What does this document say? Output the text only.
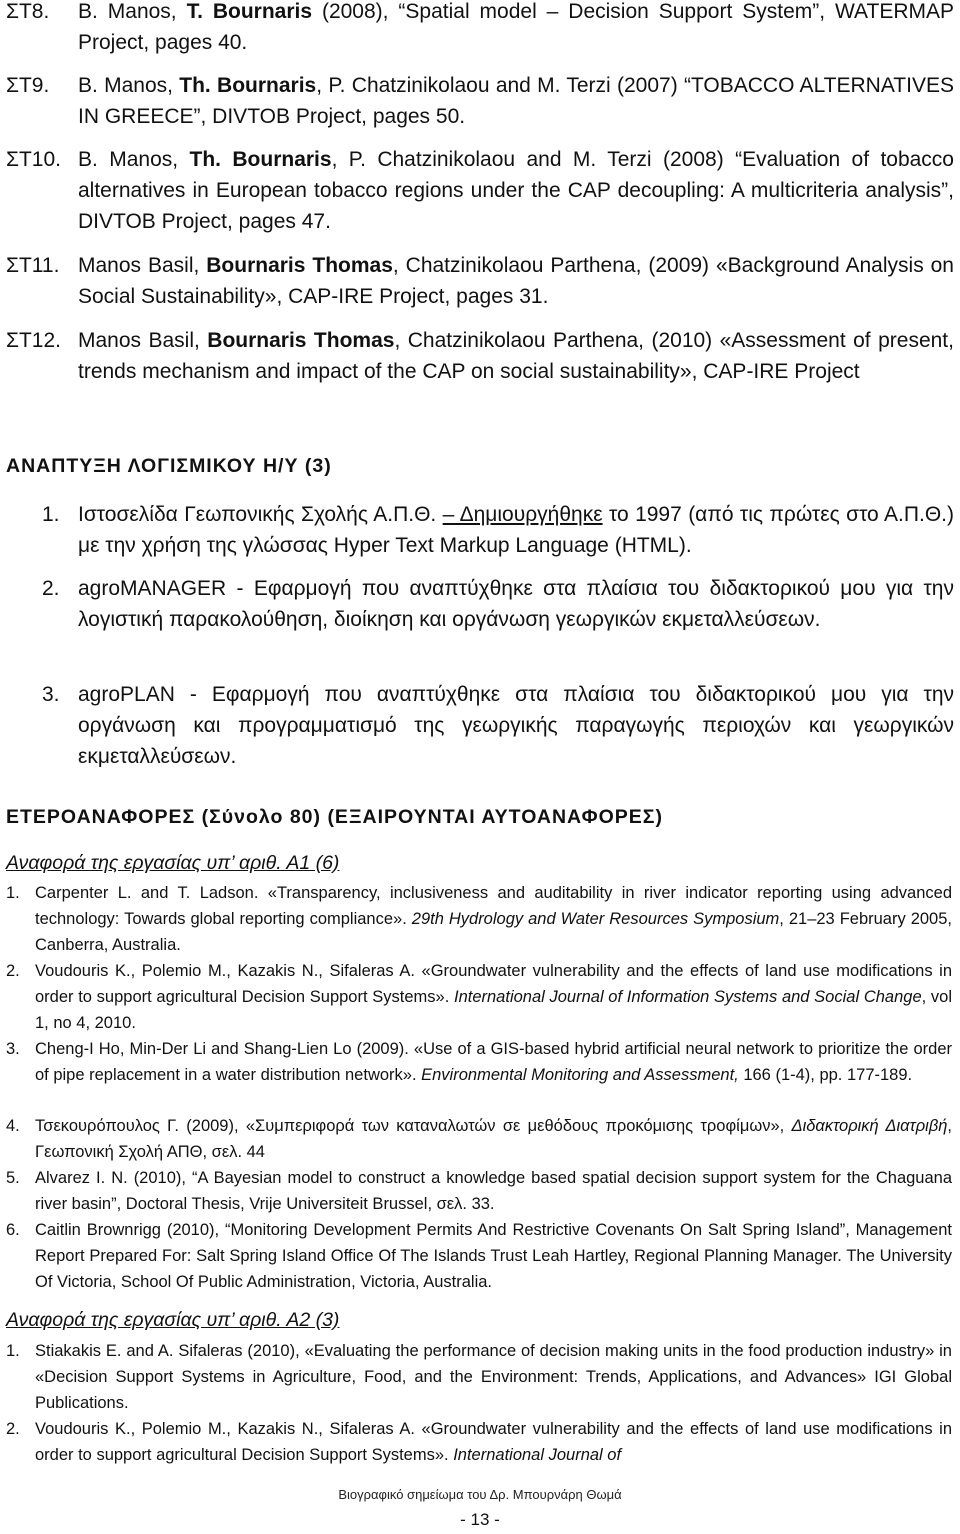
ΣΤ8. B. Manos, T. Bournaris (2008), “Spatial model – Decision Support System”, WATERMAP Project, pages 40.
ΣΤ9. B. Manos, Th. Bournaris, P. Chatzinikolaou and M. Terzi (2007) “TOBACCO ALTERNATIVES IN GREECE”, DIVTOB Project, pages 50.
ΣΤ10. B. Manos, Th. Bournaris, P. Chatzinikolaou and M. Terzi (2008) “Evaluation of tobacco alternatives in European tobacco regions under the CAP decoupling: A multicriteria analysis”, DIVTOB Project, pages 47.
ΣΤ11. Manos Basil, Bournaris Thomas, Chatzinikolaou Parthena, (2009) «Background Analysis on Social Sustainability», CAP-IRE Project, pages 31.
ΣΤ12. Manos Basil, Bournaris Thomas, Chatzinikolaou Parthena, (2010) «Assessment of present, trends mechanism and impact of the CAP on social sustainability», CAP-IRE Project
ΑΝΑΠΤΥΞΗ ΛΟΓΙΣΜΙΚΟΥ Η/Υ (3)
1. Ιστοσελίδα Γεωπονικής Σχολής Α.Π.Θ. – Δημιουργήθηκε το 1997 (από τις πρώτες στο Α.Π.Θ.) με την χρήση της γλώσσας Hyper Text Markup Language (HTML).
2. agroMANAGER - Εφαρμογή που αναπτύχθηκε στα πλαίσια του διδακτορικού μου για την λογιστική παρακολούθηση, διοίκηση και οργάνωση γεωργικών εκμεταλλεύσεων.
3. agroPLAN - Εφαρμογή που αναπτύχθηκε στα πλαίσια του διδακτορικού μου για την οργάνωση και προγραμματισμό της γεωργικής παραγωγής περιοχών και γεωργικών εκμεταλλεύσεων.
ΕΤΕΡΟΑΝΑΦΟΡΕΣ (Σύνολο 80) (ΕΞΑΙΡΟΥΝΤΑΙ ΑΥΤΟΑΝΑΦΟΡΕΣ)
Αναφορά της εργασίας υπ’ αριθ. Α1 (6)
1. Carpenter L. and T. Ladson. «Transparency, inclusiveness and auditability in river indicator reporting using advanced technology: Towards global reporting compliance». 29th Hydrology and Water Resources Symposium, 21–23 February 2005, Canberra, Australia.
2. Voudouris K., Polemio M., Kazakis N., Sifaleras A. «Groundwater vulnerability and the effects of land use modifications in order to support agricultural Decision Support Systems». International Journal of Information Systems and Social Change, vol 1, no 4, 2010.
3. Cheng-I Ho, Min-Der Li and Shang-Lien Lo (2009). «Use of a GIS-based hybrid artificial neural network to prioritize the order of pipe replacement in a water distribution network». Environmental Monitoring and Assessment, 166 (1-4), pp. 177-189.
4. Τσεκουρόπουλος Γ. (2009), «Συμπεριφορά των καταναλωτών σε μεθόδους προκόμισης τροφίμων», Διδακτορική Διατριβή, Γεωπονική Σχολή ΑΠΘ, σελ. 44
5. Alvarez I. N. (2010), “A Bayesian model to construct a knowledge based spatial decision support system for the Chaguana river basin”, Doctoral Thesis, Vrije Universiteit Brussel, σελ. 33.
6. Caitlin Brownrigg (2010), “Monitoring Development Permits And Restrictive Covenants On Salt Spring Island”, Management Report Prepared For: Salt Spring Island Office Of The Islands Trust Leah Hartley, Regional Planning Manager. The University Of Victoria, School Of Public Administration, Victoria, Australia.
Αναφορά της εργασίας υπ’ αριθ. Α2 (3)
1. Stiakakis E. and A. Sifaleras (2010), «Evaluating the performance of decision making units in the food production industry» in «Decision Support Systems in Agriculture, Food, and the Environment: Trends, Applications, and Advances» IGI Global Publications.
2. Voudouris K., Polemio M., Kazakis N., Sifaleras A. «Groundwater vulnerability and the effects of land use modifications in order to support agricultural Decision Support Systems». International Journal of
Βιογραφικό σημείωμα του Δρ. Μπουρνάρη Θωμά
- 13 -
